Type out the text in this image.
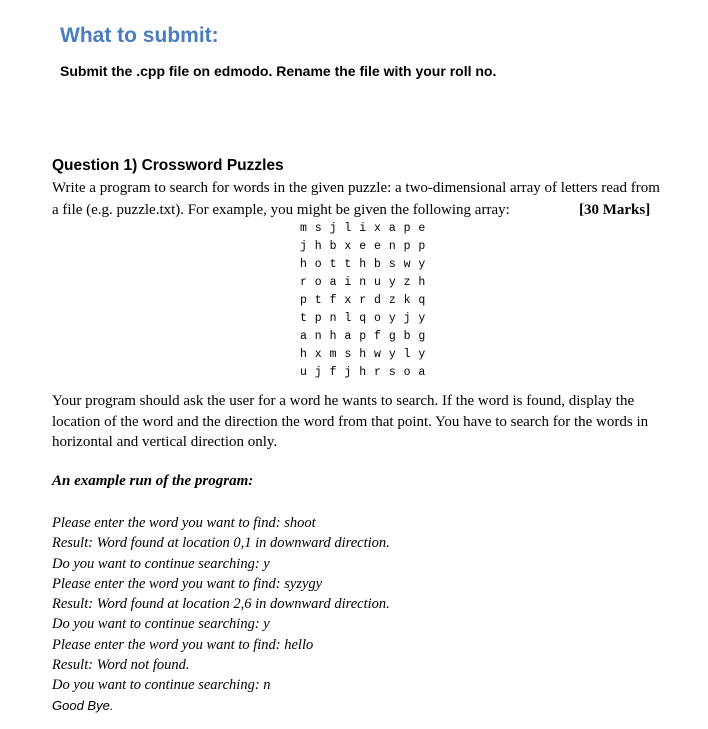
What to submit:

Submit the .cpp file on edmodo. Rename the file with your roll no.

Question 1) Crossword Puzzles

Write a program to search for words in the given puzzle: a two-dimensional array of letters read from

a file (e.g. puzzle.txt). For example, you might be given the following array:	[30 Marks]

m s j l i x a p e
j h b x e e n p p
h o t t h b s w y
r o a i n u y z h
p t f x r d z k q
t p n l q o y j y
a n h a p f g b g
h x m s h w y l y
u j f j h r s o a

Your program should ask the user for a word he wants to search. If the word is found, display the

location of the word and the direction the word from that point. You have to search for the words in

horizontal and vertical direction only.

An example run of the program:

Please enter the word you want to find: shoot
Result: Word found at location 0,1 in downward direction.
Do you want to continue searching: y
Please enter the word you want to find: syzygy
Result: Word found at location 2,6 in downward direction.
Do you want to continue searching: y
Please enter the word you want to find: hello
Result: Word not found.
Do you want to continue searching: n
Good Bye.
